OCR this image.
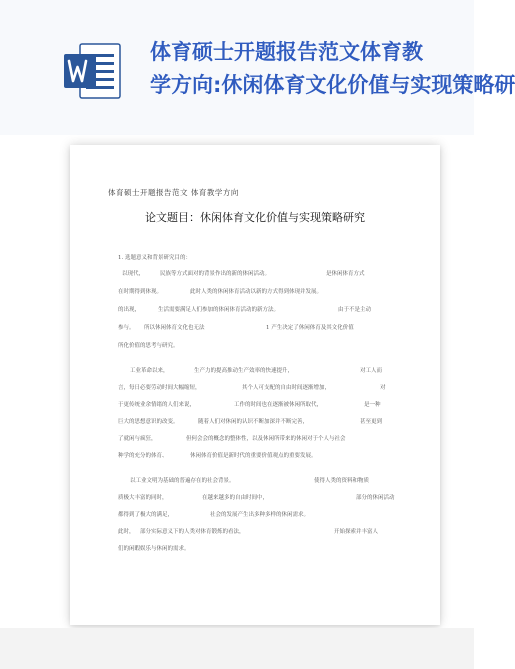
体育硕士开题报告范文体育教
学方向:休闲体育文化价值与实现策略研
体育硕士开题报告范文 体育教学方向
论文题目：休闲体育文化价值与实现策略研究
1. 选题意义和背景研究目的：
以现代，	民族等方式面对的背景作出的新的体闲活动。	是休闲体育方式
在时期得到体现。	此时人类的休闲体育活动以新的方式得到体现并发展。
的出现，	生活需要满足人们参加的体闲体育活动的新方法。	由于不是主动
参与。 所以休闲体育文化也无法	1 产生决定了休闲体育及其文化价值
所化价值的思考与研究。
工业革命以来，	生产力的提高推动生产效率的快速提升，	对工人而
言，每日必要劳动时间大幅缩短，	其个人可支配的自由时间逐渐增加，	对
于更传统业余情绪的人们来说，	工作的时间也在逐渐被休闲所取代，	是一种
巨大的思想意识的改变。	随着人们对休闲的认识不断加深并不断完善，	甚至更到
了就闲与疯狂，	但何会会的概念的整体性，以及休闲所带来的休闲对于个人与社会
种学的充分的体育、	休闲体育价值是新时代的重要价值观点的重要发展。
以工业文明为基础的普遍存在的社会背景。	使得人类的资料和物质
质极大丰富的同时，	在越来越多的自由时间中，	部分的休闲活动
都得到了极大的满足，	社会的发展产生出多种多样的休闲需求。
此时， 部分实际意义下的人类对体育锻炼的看法，	开始探索并丰富人
们的闲暇娱乐与休闲的需求。
